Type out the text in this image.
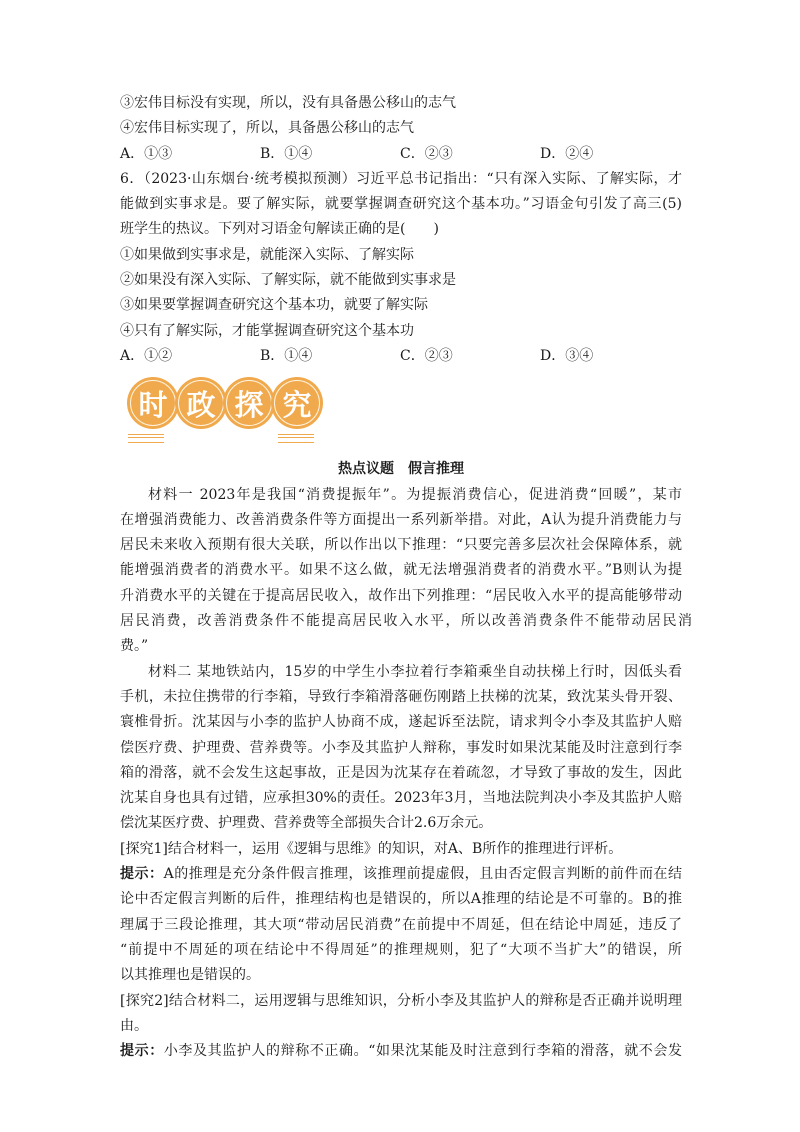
③宏伟目标没有实现，所以，没有具备愚公移山的志气
④宏伟目标实现了，所以，具备愚公移山的志气
A．①③	B．①④	C．②③	D．②④
6．（2023·山东烟台·统考模拟预测）习近平总书记指出：“只有深入实际、了解实际，才
能做到实事求是。要了解实际，就要掌握调查研究这个基本功。”习语金句引发了高三(5)
班学生的热议。下列对习语金句解读正确的是(　　)
①如果做到实事求是，就能深入实际、了解实际
②如果没有深入实际、了解实际，就不能做到实事求是
③如果要掌握调查研究这个基本功，就要了解实际
④只有了解实际，才能掌握调查研究这个基本功
A．①②	B．①④	C．②③	D．③④
时 政 探 究
热点议题　假言推理
材料一 2023年是我国“消费提振年”。为提振消费信心，促进消费“回暖”，某市
在增强消费能力、改善消费条件等方面提出一系列新举措。对此，A认为提升消费能力与
居民未来收入预期有很大关联，所以作出以下推理：“只要完善多层次社会保障体系，就
能增强消费者的消费水平。如果不这么做，就无法增强消费者的消费水平。”B则认为提
升消费水平的关键在于提高居民收入，故作出下列推理：“居民收入水平的提高能够带动
居民消费，改善消费条件不能提高居民收入水平，所以改善消费条件不能带动居民消
费。”
材料二 某地铁站内，15岁的中学生小李拉着行李箱乘坐自动扶梯上行时，因低头看
手机，未拉住携带的行李箱，导致行李箱滑落砸伤刚踏上扶梯的沈某，致沈某头骨开裂、
寰椎骨折。沈某因与小李的监护人协商不成，遂起诉至法院，请求判令小李及其监护人赔
偿医疗费、护理费、营养费等。小李及其监护人辩称，事发时如果沈某能及时注意到行李
箱的滑落，就不会发生这起事故，正是因为沈某存在着疏忽，才导致了事故的发生，因此
沈某自身也具有过错，应承担30%的责任。2023年3月，当地法院判决小李及其监护人赔
偿沈某医疗费、护理费、营养费等全部损失合计2.6万余元。
[探究1]结合材料一，运用《逻辑与思维》的知识，对A、B所作的推理进行评析。
提示：A的推理是充分条件假言推理，该推理前提虚假，且由否定假言判断的前件而在结
论中否定假言判断的后件，推理结构也是错误的，所以A推理的结论是不可靠的。B的推
理属于三段论推理，其大项“带动居民消费”在前提中不周延，但在结论中周延，违反了
“前提中不周延的项在结论中不得周延”的推理规则，犯了“大项不当扩大”的错误，所
以其推理也是错误的。
[探究2]结合材料二，运用逻辑与思维知识，分析小李及其监护人的辩称是否正确并说明理
由。
提示：小李及其监护人的辩称不正确。“如果沈某能及时注意到行李箱的滑落，就不会发
